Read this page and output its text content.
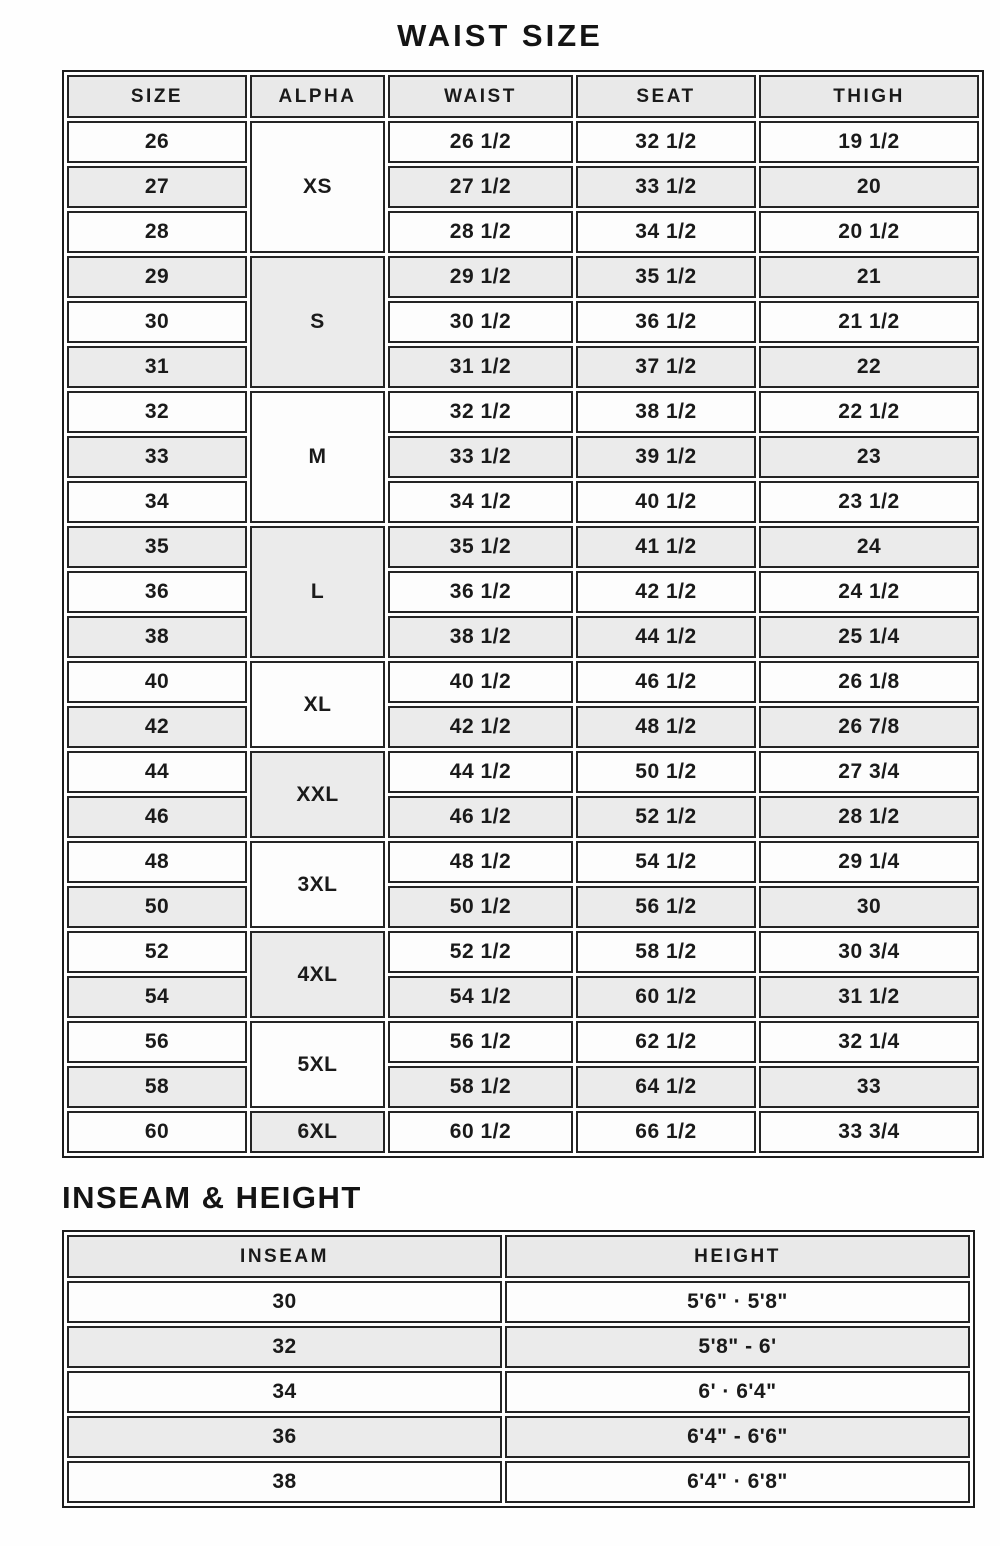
WAIST SIZE
SIZE	ALPHA	WAIST	SEAT	THIGH
26	XS	26 1/2	32 1/2	19 1/2
27		27 1/2	33 1/2	20
28		28 1/2	34 1/2	20 1/2
29	S	29 1/2	35 1/2	21
30		30 1/2	36 1/2	21 1/2
31		31 1/2	37 1/2	22
32	M	32 1/2	38 1/2	22 1/2
33		33 1/2	39 1/2	23
34		34 1/2	40 1/2	23 1/2
35	L	35 1/2	41 1/2	24
36		36 1/2	42 1/2	24 1/2
38		38 1/2	44 1/2	25 1/4
40	XL	40 1/2	46 1/2	26 1/8
42		42 1/2	48 1/2	26 7/8
44	XXL	44 1/2	50 1/2	27 3/4
46		46 1/2	52 1/2	28 1/2
48	3XL	48 1/2	54 1/2	29 1/4
50		50 1/2	56 1/2	30
52	4XL	52 1/2	58 1/2	30 3/4
54		54 1/2	60 1/2	31 1/2
56	5XL	56 1/2	62 1/2	32 1/4
58		58 1/2	64 1/2	33
60	6XL	60 1/2	66 1/2	33 3/4
INSEAM & HEIGHT
INSEAM	HEIGHT
30	5'6" · 5'8"
32	5'8" - 6'
34	6' · 6'4"
36	6'4" - 6'6"
38	6'4" · 6'8"
